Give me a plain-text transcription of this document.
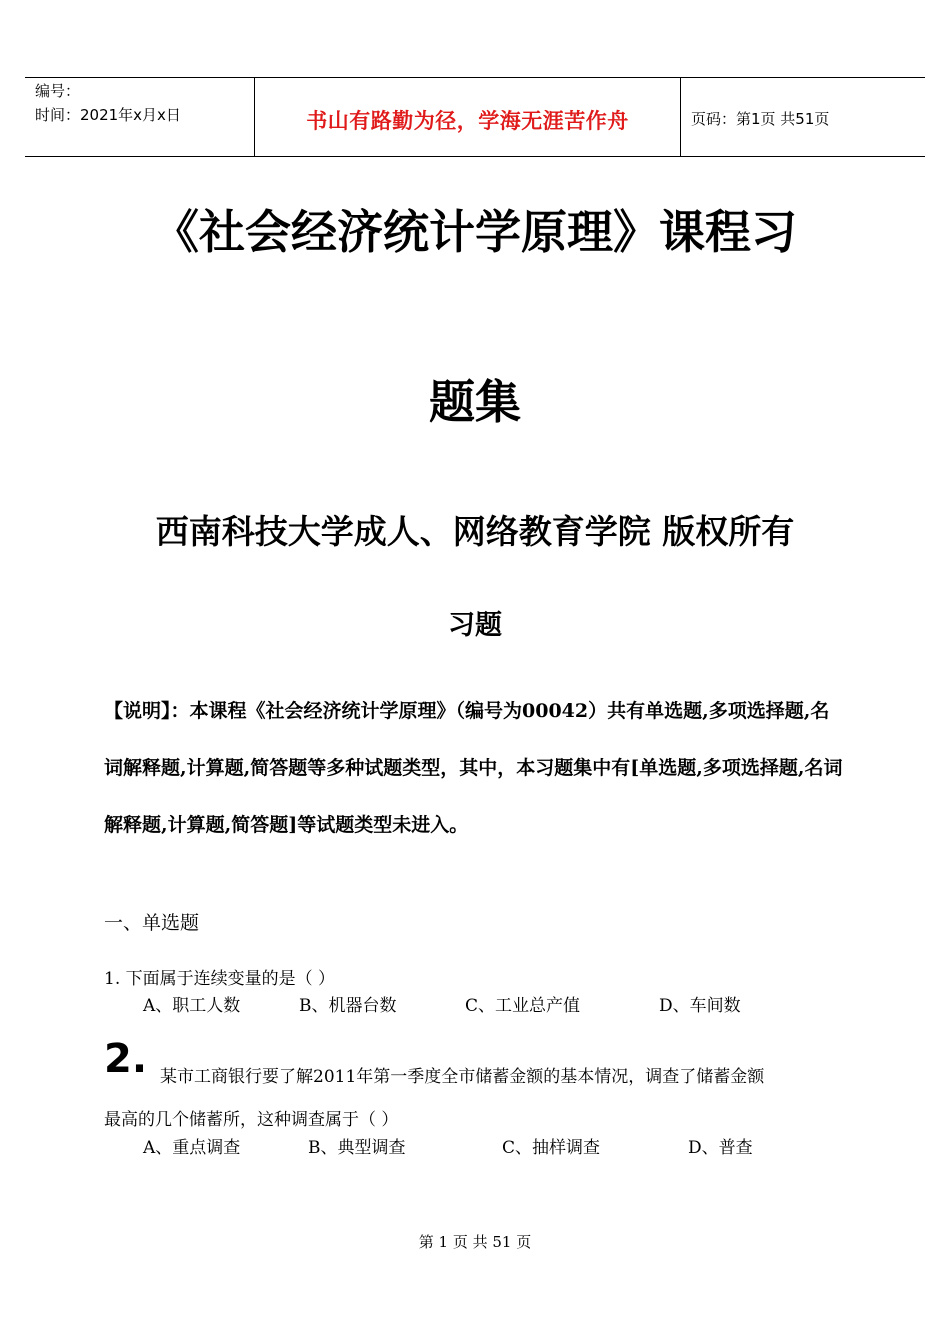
编号：
时间：2021年x月x日	书山有路勤为径，学海无涯苦作舟	页码：第1页 共51页
《社会经济统计学原理》课程习
题集
西南科技大学成人、网络教育学院 版权所有
习题
【说明】：本课程《社会经济统计学原理》（编号为00042）共有单选题,多项选择题,名词解释题,计算题,简答题等多种试题类型，其中，本习题集中有[单选题,多项选择题,名词解释题,计算题,简答题]等试题类型未进入。
一、单选题
1. 下面属于连续变量的是（ ）
A、职工人数	B、机器台数	C、工业总产值	D、车间数
2. 某市工商银行要了解2011年第一季度全市储蓄金额的基本情况，调查了储蓄金额
最高的几个储蓄所，这种调查属于（ ）
A、重点调查	B、典型调查	C、抽样调查	D、普查
第 1 页 共 51 页
